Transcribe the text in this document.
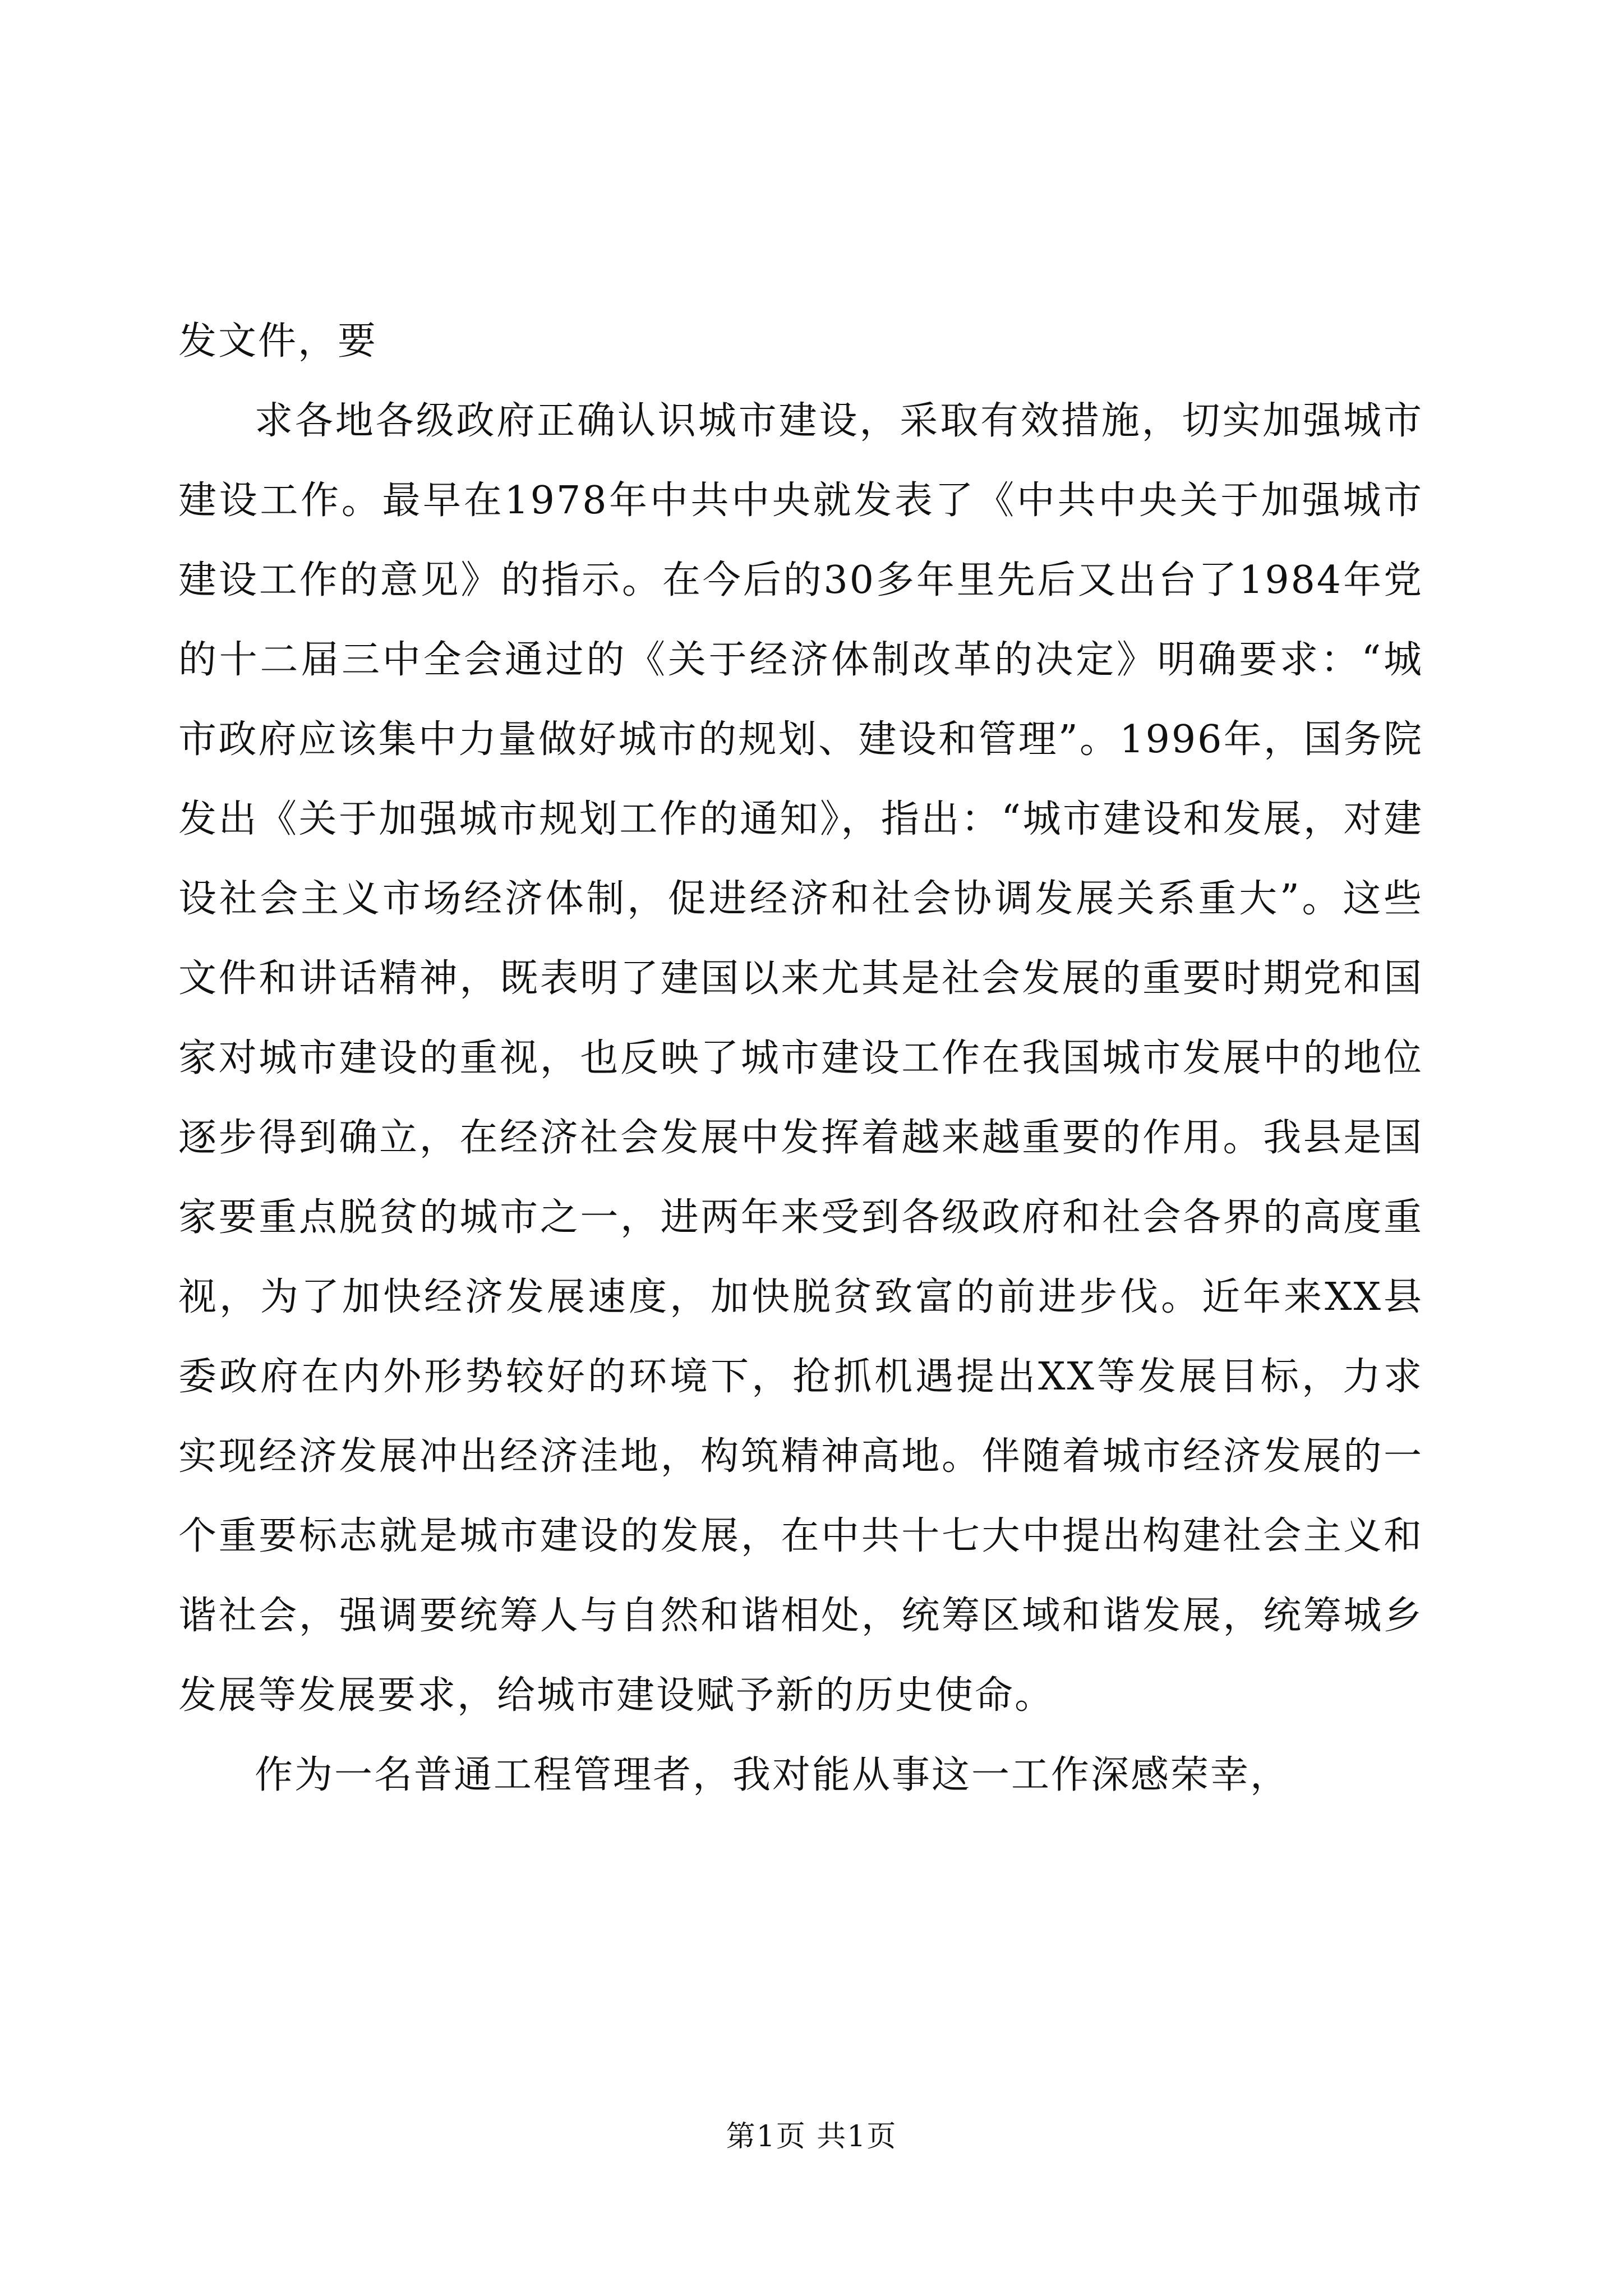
发文件，要

求各地各级政府正确认识城市建设，采取有效措施，切实加强城市建设工作。最早在1978年中共中央就发表了《中共中央关于加强城市建设工作的意见》的指示。在今后的30多年里先后又出台了1984年党的十二届三中全会通过的《关于经济体制改革的决定》明确要求：“城市政府应该集中力量做好城市的规划、建设和管理”。1996年，国务院发出《关于加强城市规划工作的通知》，指出：“城市建设和发展，对建设社会主义市场经济体制，促进经济和社会协调发展关系重大”。这些文件和讲话精神，既表明了建国以来尤其是社会发展的重要时期党和国家对城市建设的重视，也反映了城市建设工作在我国城市发展中的地位逐步得到确立，在经济社会发展中发挥着越来越重要的作用。我县是国家要重点脱贫的城市之一，进两年来受到各级政府和社会各界的高度重视，为了加快经济发展速度，加快脱贫致富的前进步伐。近年来XX县委政府在内外形势较好的环境下，抢抓机遇提出XX等发展目标，力求实现经济发展冲出经济洼地，构筑精神高地。伴随着城市经济发展的一个重要标志就是城市建设的发展，在中共十七大中提出构建社会主义和谐社会，强调要统筹人与自然和谐相处，统筹区域和谐发展，统筹城乡发展等发展要求，给城市建设赋予新的历史使命。

作为一名普通工程管理者，我对能从事这一工作深感荣幸，

第1页 共1页
